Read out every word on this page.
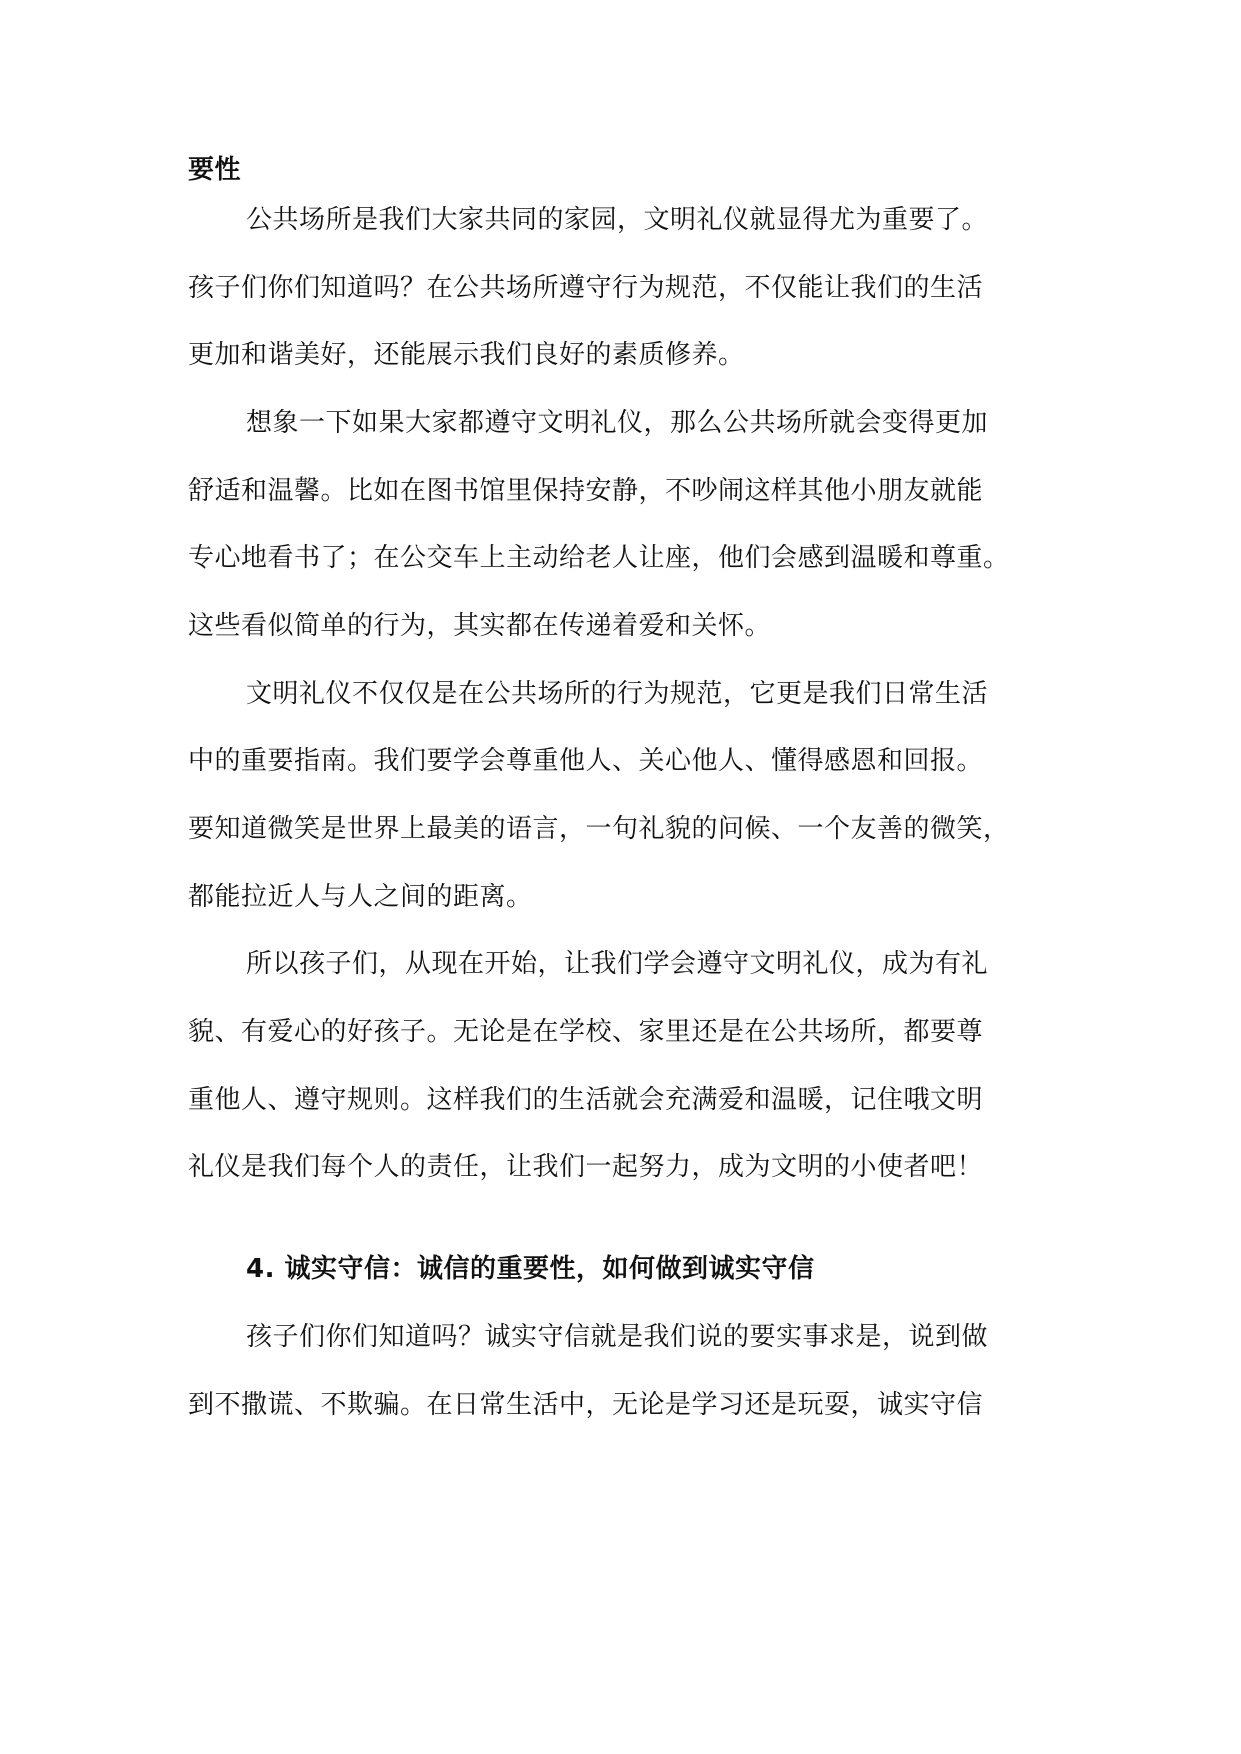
要性
公共场所是我们大家共同的家园，文明礼仪就显得尤为重要了。
孩子们你们知道吗？在公共场所遵守行为规范，不仅能让我们的生活
更加和谐美好，还能展示我们良好的素质修养。
想象一下如果大家都遵守文明礼仪，那么公共场所就会变得更加
舒适和温馨。比如在图书馆里保持安静，不吵闹这样其他小朋友就能
专心地看书了；在公交车上主动给老人让座，他们会感到温暖和尊重。
这些看似简单的行为，其实都在传递着爱和关怀。
文明礼仪不仅仅是在公共场所的行为规范，它更是我们日常生活
中的重要指南。我们要学会尊重他人、关心他人、懂得感恩和回报。
要知道微笑是世界上最美的语言，一句礼貌的问候、一个友善的微笑，
都能拉近人与人之间的距离。
所以孩子们，从现在开始，让我们学会遵守文明礼仪，成为有礼
貌、有爱心的好孩子。无论是在学校、家里还是在公共场所，都要尊
重他人、遵守规则。这样我们的生活就会充满爱和温暖，记住哦文明
礼仪是我们每个人的责任，让我们一起努力，成为文明的小使者吧！
4. 诚实守信：诚信的重要性，如何做到诚实守信
孩子们你们知道吗？诚实守信就是我们说的要实事求是，说到做
到不撒谎、不欺骗。在日常生活中，无论是学习还是玩耍，诚实守信
